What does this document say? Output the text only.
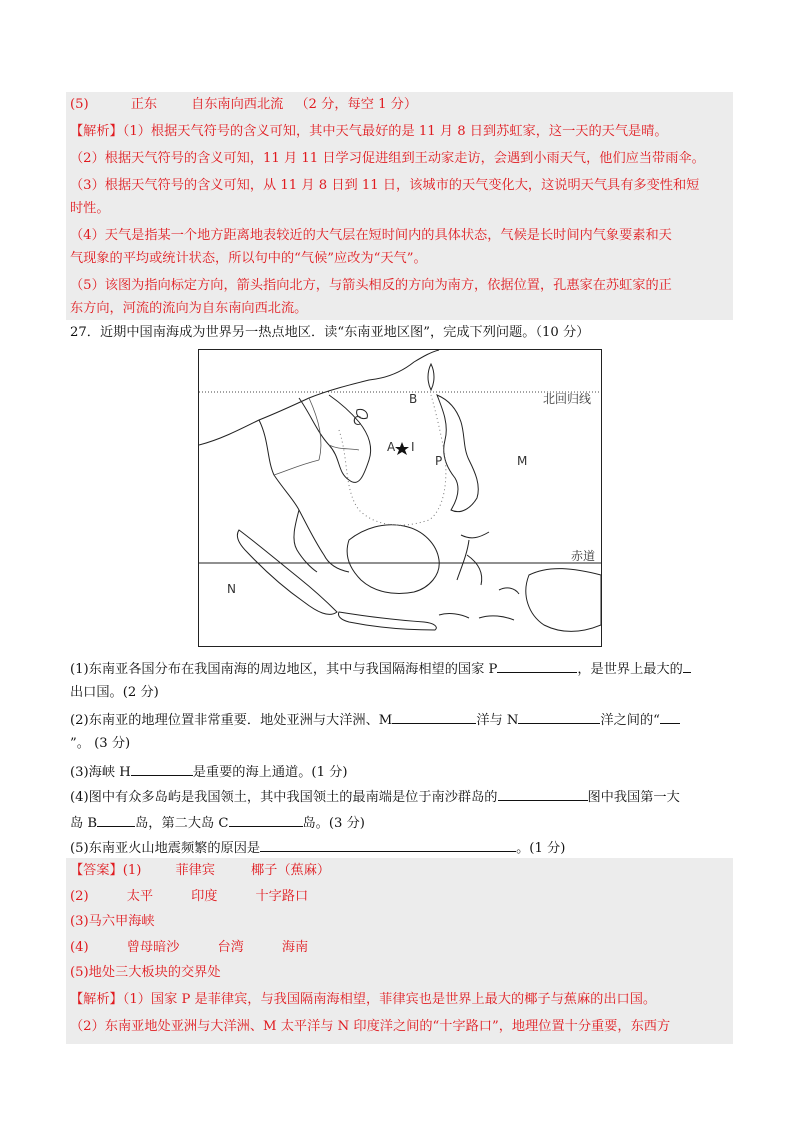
(5)	正东	自东南向西北流 （2 分，每空 1 分）
【解析】（1）根据天气符号的含义可知，其中天气最好的是 11 月 8 日到苏虹家，这一天的天气是晴。
（2）根据天气符号的含义可知，11 月 11 日学习促进组到王动家走访，会遇到小雨天气，他们应当带雨伞。
（3）根据天气符号的含义可知，从 11 月 8 日到 11 日，该城市的天气变化大，这说明天气具有多变性和短
时性。
（4）天气是指某一个地方距离地表较近的大气层在短时间内的具体状态，气候是长时间内气象要素和天
气现象的平均或统计状态，所以句中的“气候”应改为“天气”。
（5）该图为指向标定方向，箭头指向北方，与箭头相反的方向为南方，依据位置，孔惠家在苏虹家的正
东方向，河流的流向为自东南向西北流。
27．近期中国南海成为世界另一热点地区．读“东南亚地区图”，完成下列问题。（10 分）
北回归线
赤道
A
B
C
I
P	M
N
(1)东南亚各国分布在我国南海的周边地区，其中与我国隔海相望的国家 P	，是世界上最大的
出口国。(2 分)
(2)东南亚的地理位置非常重要．地处亚洲与大洋洲、M	洋与 N	洋之间的“
”。 (3 分)
(3)海峡 H	是重要的海上通道。(1 分)
(4)图中有众多岛屿是我国领土，其中我国领土的最南端是位于南沙群岛的	图中我国第一大
岛 B	岛，第二大岛 C	岛。(3 分)
(5)东南亚火山地震频繁的原因是	。(1 分)
【答案】(1)	菲律宾	椰子（蕉麻）
(2)	太平	印度	十字路口
(3)马六甲海峡
(4)	曾母暗沙	台湾	海南
(5)地处三大板块的交界处
【解析】（1）国家 P 是菲律宾，与我国隔南海相望，菲律宾也是世界上最大的椰子与蕉麻的出口国。
（2）东南亚地处亚洲与大洋洲、M 太平洋与 N 印度洋之间的“十字路口”，地理位置十分重要，东西方
